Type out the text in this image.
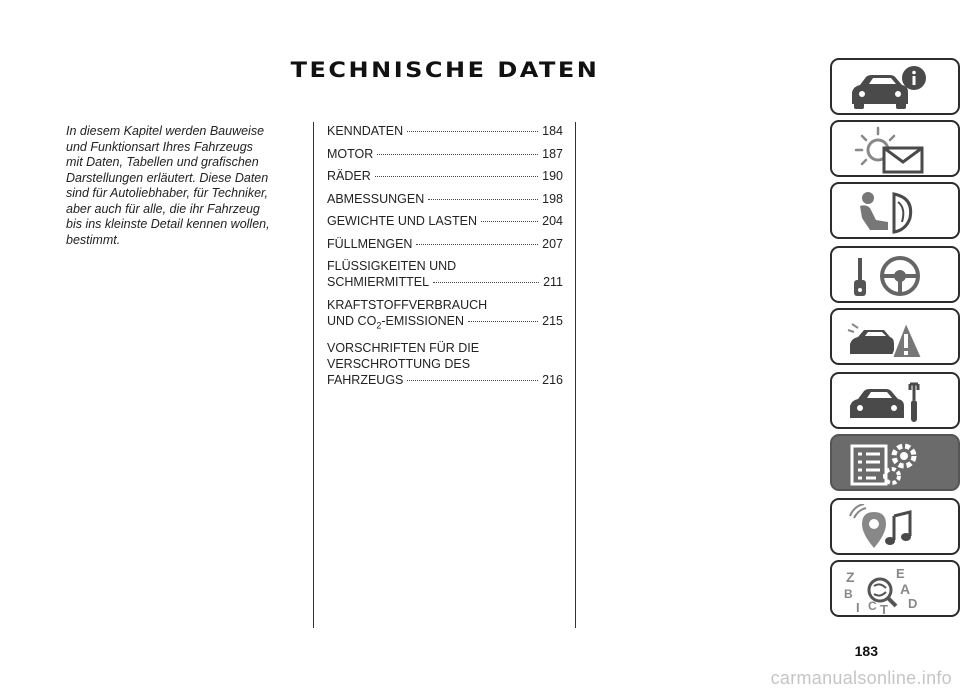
TECHNISCHE DATEN
In diesem Kapitel werden Bauweise
und Funktionsart Ihres Fahrzeugs
mit Daten, Tabellen und grafischen
Darstellungen erläutert. Diese Daten
sind für Autoliebhaber, für Techniker,
aber auch für alle, die ihr Fahrzeug
bis ins kleinste Detail kennen wollen,
bestimmt.
KENNDATEN	184
MOTOR	187
RÄDER	190
ABMESSUNGEN	198
GEWICHTE UND LASTEN	204
FÜLLMENGEN	207
FLÜSSIGKEITEN UND
SCHMIERMITTEL	211
KRAFTSTOFFVERBRAUCH
UND $CO_2$-EMISSIONEN	215
VORSCHRIFTEN FÜR DIE
VERSCHROTTUNG DES
FAHRZEUGS	216
Z	E
B	A
I C T D
183
carmanualsonline.info
